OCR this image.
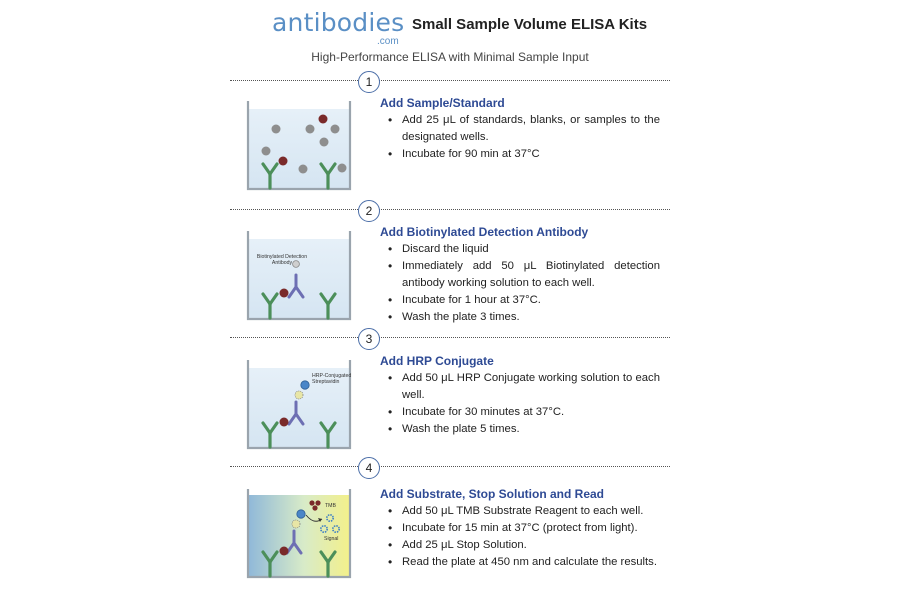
antibodies
.com
Small Sample Volume ELISA Kits
High-Performance ELISA with Minimal Sample Input
1
Add Sample/Standard
• Add 25 μL of standards, blanks, or samples to the designated wells.
• Incubate for 90 min at 37°C
2
Biotinylated Detection
Antibody
Add Biotinylated Detection Antibody
• Discard the liquid
• Immediately add 50 μL Biotinylated detection antibody working solution to each well.
• Incubate for 1 hour at 37°C.
• Wash the plate 3 times.
3
HRP-Conjugated
Streptavidin
Add HRP Conjugate
• Add 50 μL HRP Conjugate working solution to each well.
• Incubate for 30 minutes at 37°C.
• Wash the plate 5 times.
4
TMB
Signal
Add Substrate, Stop Solution and Read
• Add 50 μL TMB Substrate Reagent to each well.
• Incubate for 15 min at 37°C (protect from light).
• Add 25 μL Stop Solution.
• Read the plate at 450 nm and calculate the results.
